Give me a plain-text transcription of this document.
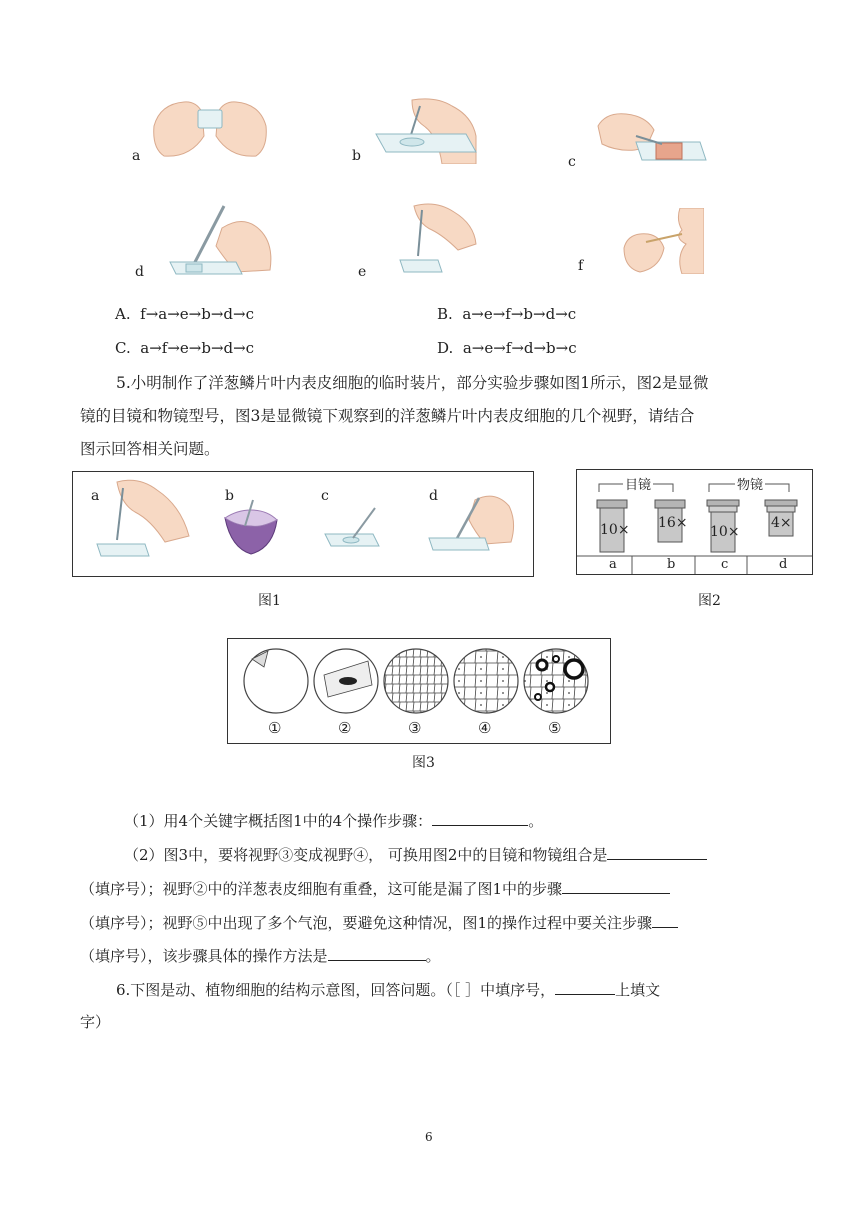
a	b	c
d	e	f
A. f→a→e→b→d→c	B. a→e→f→b→d→c
C. a→f→e→b→d→c	D. a→e→f→d→b→c
5.小明制作了洋葱鳞片叶内表皮细胞的临时装片，部分实验步骤如图1所示，图2是显微
镜的目镜和物镜型号，图3是显微镜下观察到的洋葱鳞片叶内表皮细胞的几个视野，请结合
图示回答相关问题。
a	b	c	d
图1
目镜	物镜
10× 16×
10×
4×
a	b	c	d
图2
①	②	③	④	⑤
图3
（1）用4个关键字概括图1中的4个操作步骤：	。
（2）图3中，要将视野③变成视野④， 可换用图2中的目镜和物镜组合是
（填序号）；视野②中的洋葱表皮细胞有重叠，这可能是漏了图1中的步骤
（填序号）；视野⑤中出现了多个气泡，要避免这种情况，图1的操作过程中要关注步骤
（填序号），该步骤具体的操作方法是	。
6.下图是动、植物细胞的结构示意图，回答问题。（［ ］中填序号，	上填文
字）
6
